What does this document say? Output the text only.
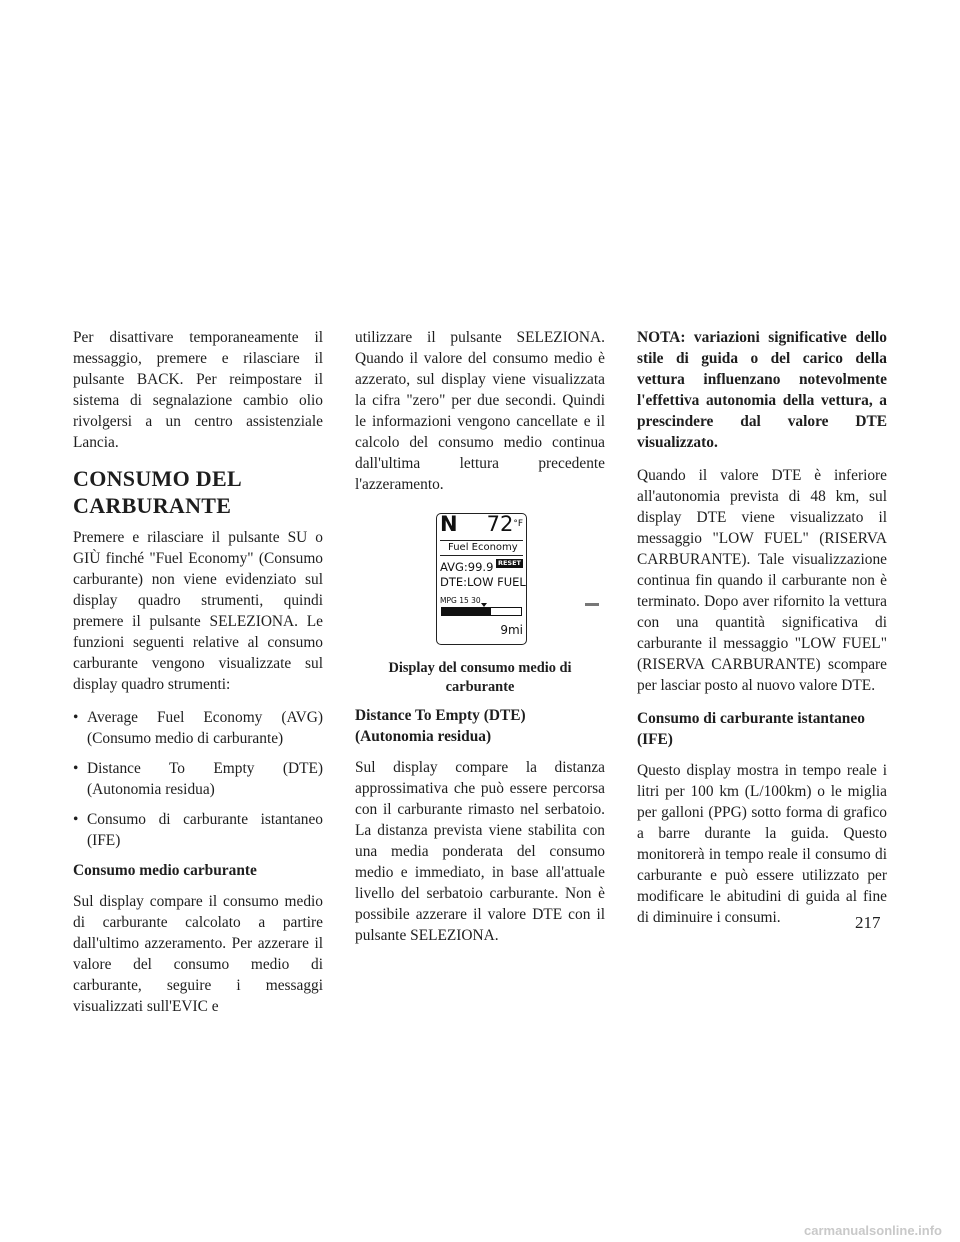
Per disattivare temporaneamente il messaggio, premere e rilasciare il pulsante BACK. Per reimpostare il sistema di segnalazione cambio olio rivolgersi a un centro assistenziale Lancia.

CONSUMO DEL CARBURANTE

Premere e rilasciare il pulsante SU o GIÙ finché "Fuel Economy" (Consumo carburante) non viene evidenziato sul display quadro strumenti, quindi premere il pulsante SELEZIONA. Le funzioni seguenti relative al consumo carburante vengono visualizzate sul display quadro strumenti:

• Average Fuel Economy (AVG) (Consumo medio di carburante)
• Distance To Empty (DTE) (Autonomia residua)
• Consumo di carburante istantaneo (IFE)
Consumo medio carburante

Sul display compare il consumo medio di carburante calcolato a partire dall'ultimo azzeramento. Per azzerare il valore del consumo medio di carburante, seguire i messaggi visualizzati sull'EVIC e

utilizzare il pulsante SELEZIONA. Quando il valore del consumo medio è azzerato, sul display viene visualizzata la cifra "zero" per due secondi. Quindi le informazioni vengono cancellate e il calcolo del consumo medio continua dall'ultima lettura precedente l'azzeramento.

N $72^{^\circ F}$
Fuel Economy
AVG:99.9 RESET
DTE:LOW FUEL
MPG 15 30
9mi
Display del consumo medio di carburante
Distance To Empty (DTE) (Autonomia residua)

Sul display compare la distanza approssimativa che può essere percorsa con il carburante rimasto nel serbatoio. La distanza prevista viene stabilita con una media ponderata del consumo medio e immediato, in base all'attuale livello del serbatoio carburante. Non è possibile azzerare il valore DTE con il pulsante SELEZIONA.

NOTA: variazioni significative dello stile di guida o del carico della vettura influenzano notevolmente l'effettiva autonomia della vettura, a prescindere dal valore DTE visualizzato.

Quando il valore DTE è inferiore all'autonomia prevista di 48 km, sul display DTE viene visualizzato il messaggio "LOW FUEL" (RISERVA CARBURANTE). Tale visualizzazione continua fin quando il carburante non è terminato. Dopo aver rifornito la vettura con una quantità significativa di carburante il messaggio "LOW FUEL" (RISERVA CARBURANTE) scompare per lasciar posto al nuovo valore DTE.

Consumo di carburante istantaneo (IFE)

Questo display mostra in tempo reale i litri per 100 km (L/100km) o le miglia per galloni (PPG) sotto forma di grafico a barre durante la guida. Questo monitorerà in tempo reale il consumo di carburante e può essere utilizzato per modificare le abitudini di guida al fine di diminuire i consumi.	217
carmanualsonline.info
